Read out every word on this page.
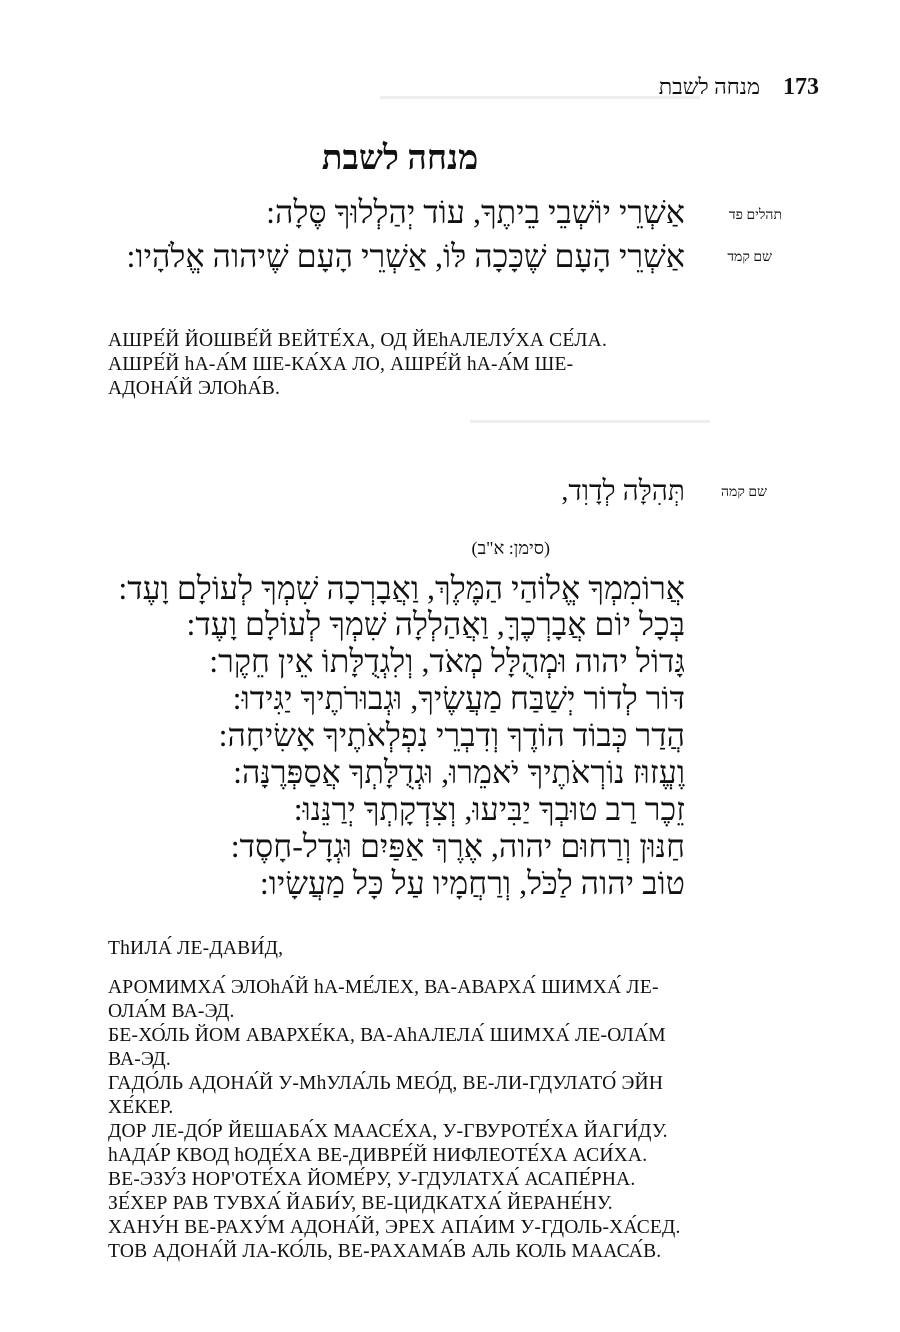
173
מנחה לשבת
מנחה לשבת
תהלים פד
שם קמד
אַשְׁרֵי יוֹשְׁבֵי בֵיתֶךָ, עוֹד יְהַלְלוּךָ סֶּלָה:
אַשְׁרֵי הָעָם שֶׁכָּכָה לּוֹ, אַשְׁרֵי הָעָם שֶׁיהוה אֱלֹהָיו:
АШРЕ́Й ЙОШВЕ́Й ВЕЙТЕ́ХА, ОД ЙЕhАЛЕЛУ́ХА СЕ́ЛА.
АШРЕ́Й hА-А́М ШЕ-КА́ХА ЛО, АШРЕ́Й hА-А́М ШЕ-
АДОНА́Й ЭЛОhА́В.
שם קמה
תְּהִלָּה לְדָוִד,
(סימן: א"ב)
אֲרוֹמִמְךָ אֱלוֹהַי הַמֶּלֶךְ, וַאֲבָרְכָה שִׁמְךָ לְעוֹלָם וָעֶד:
בְּכָל יוֹם אֲבָרְכֶךָּ, וַאֲהַלְלָה שִׁמְךָ לְעוֹלָם וָעֶד:
גָּדוֹל יהוה וּמְהֻלָּל מְאֹד, וְלִגְדֻלָּתוֹ אֵין חֵקֶר:
דּוֹר לְדוֹר יְשַׁבַּח מַעֲשֶׂיךָ, וּגְבוּרֹתֶיךָ יַגִּידוּ:
הֲדַר כְּבוֹד הוֹדֶךָ וְדִבְרֵי נִפְלְאֹתֶיךָ אָשִׂיחָה:
וֶעֱזוּז נוֹרְאֹתֶיךָ יֹאמֵרוּ, וּגְדֻלָּתְךָ אֲסַפְּרֶנָּה:
זֵכֶר רַב טוּבְךָ יַבִּיעוּ, וְצִדְקָתְךָ יְרַנֵּנוּ:
חַנּוּן וְרַחוּם יהוה, אֶרֶךְ אַפַּיִם וּגְדָל-חָסֶד:
טוֹב יהוה לַכֹּל, וְרַחֲמָיו עַל כָּל מַעֲשָׂיו:
ТhИЛА́ ЛЕ-ДАВИ́Д,
АРОМИМХА́ ЭЛОhА́Й hА-МЕ́ЛЕХ, ВА-АВАРХА́ ШИМХА́ ЛЕ-
ОЛА́М ВА-ЭД.
БЕ-ХО́ЛЬ ЙОМ АВАРХЕ́КА, ВА-АhАЛЕЛА́ ШИМХА́ ЛЕ-ОЛА́М
ВА-ЭД.
ГАДО́ЛЬ АДОНА́Й У-МhУЛА́ЛЬ МЕО́Д, ВЕ-ЛИ-ГДУЛАТО́ ЭЙН
ХЕ́КЕР.
ДОР ЛЕ-ДО́Р ЙЕШАБА́Х МААСЕ́ХА, У-ГВУРОТЕ́ХА ЙАГИ́ДУ.
hАДА́Р КВОД hОДЕ́ХА ВЕ-ДИВРЕ́Й НИФЛЕОТЕ́ХА АСИ́ХА.
ВЕ-ЭЗУ́З НОР'ОТЕ́ХА ЙОМЕ́РУ, У-ГДУЛАТХА́ АСАПЕ́РНА.
ЗЕ́ХЕР РАВ ТУВХА́ ЙАБИ́У, ВЕ-ЦИДКАТХА́ ЙЕРАНЕ́НУ.
ХАНУ́Н ВЕ-РАХУ́М АДОНА́Й, ЭРЕХ АПА́ИМ У-ГДОЛЬ-ХА́СЕД.
ТОВ АДОНА́Й ЛА-КО́ЛЬ, ВЕ-РАХАМА́В АЛЬ КОЛЬ МААСА́В.
